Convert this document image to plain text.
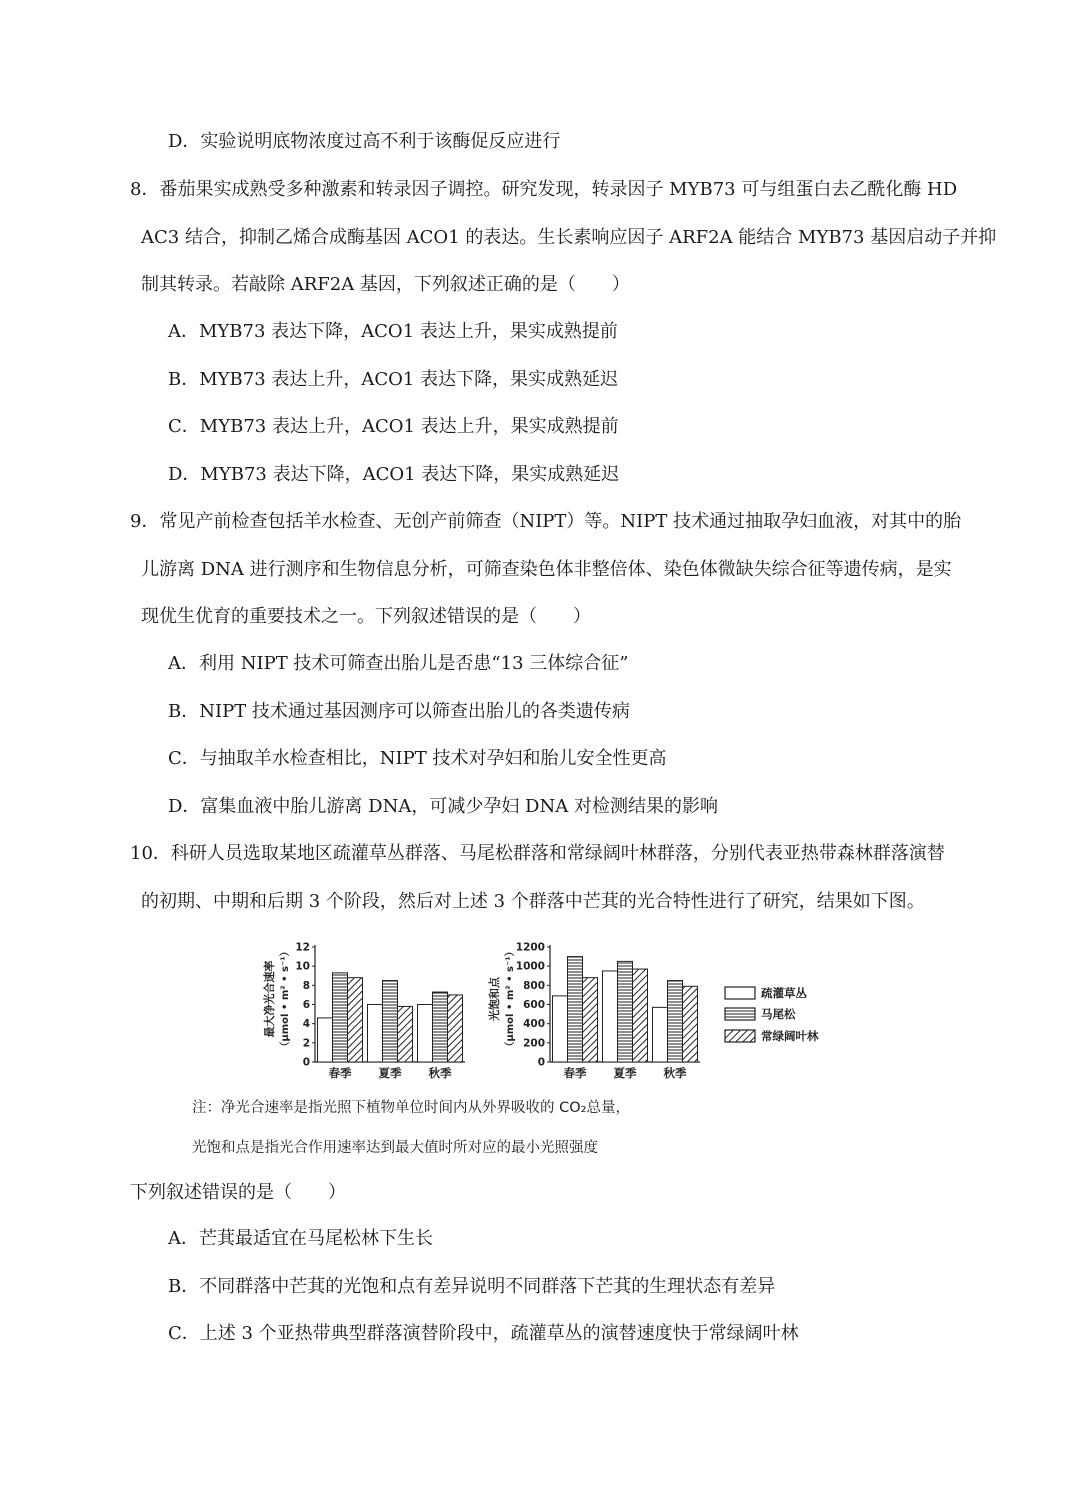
D．实验说明底物浓度过高不利于该酶促反应进行
8．番茄果实成熟受多种激素和转录因子调控。研究发现，转录因子 MYB73 可与组蛋白去乙酰化酶 HD
AC3 结合，抑制乙烯合成酶基因 ACO1 的表达。生长素响应因子 ARF2A 能结合 MYB73 基因启动子并抑
制其转录。若敲除 ARF2A 基因，下列叙述正确的是（　　）
A．MYB73 表达下降，ACO1 表达上升，果实成熟提前
B．MYB73 表达上升，ACO1 表达下降，果实成熟延迟
C．MYB73 表达上升，ACO1 表达上升，果实成熟提前
D．MYB73 表达下降，ACO1 表达下降，果实成熟延迟
9．常见产前检查包括羊水检查、无创产前筛查（NIPT）等。NIPT 技术通过抽取孕妇血液，对其中的胎
儿游离 DNA 进行测序和生物信息分析，可筛查染色体非整倍体、染色体微缺失综合征等遗传病，是实
现优生优育的重要技术之一。下列叙述错误的是（　　）
A．利用 NIPT 技术可筛查出胎儿是否患“13 三体综合征”
B．NIPT 技术通过基因测序可以筛查出胎儿的各类遗传病
C．与抽取羊水检查相比，NIPT 技术对孕妇和胎儿安全性更高
D．富集血液中胎儿游离 DNA，可减少孕妇 DNA 对检测结果的影响
10．科研人员选取某地区疏灌草丛群落、马尾松群落和常绿阔叶林群落，分别代表亚热带森林群落演替
的初期、中期和后期 3 个阶段，然后对上述 3 个群落中芒萁的光合特性进行了研究，结果如下图。
最大净光合速率 （μmol • m² • s⁻¹）	光饱和点 （μmol • m² • s⁻¹）
0
2
4
6
8
10
12
春季 夏季 秋季
0
200
400
600
800
1000
1200
春季 夏季 秋季
疏灌草丛
马尾松
常绿阔叶林
注：净光合速率是指光照下植物单位时间内从外界吸收的 CO₂总量，
光饱和点是指光合作用速率达到最大值时所对应的最小光照强度
下列叙述错误的是（　　）
A．芒萁最适宜在马尾松林下生长
B．不同群落中芒萁的光饱和点有差异说明不同群落下芒萁的生理状态有差异
C．上述 3 个亚热带典型群落演替阶段中，疏灌草丛的演替速度快于常绿阔叶林
